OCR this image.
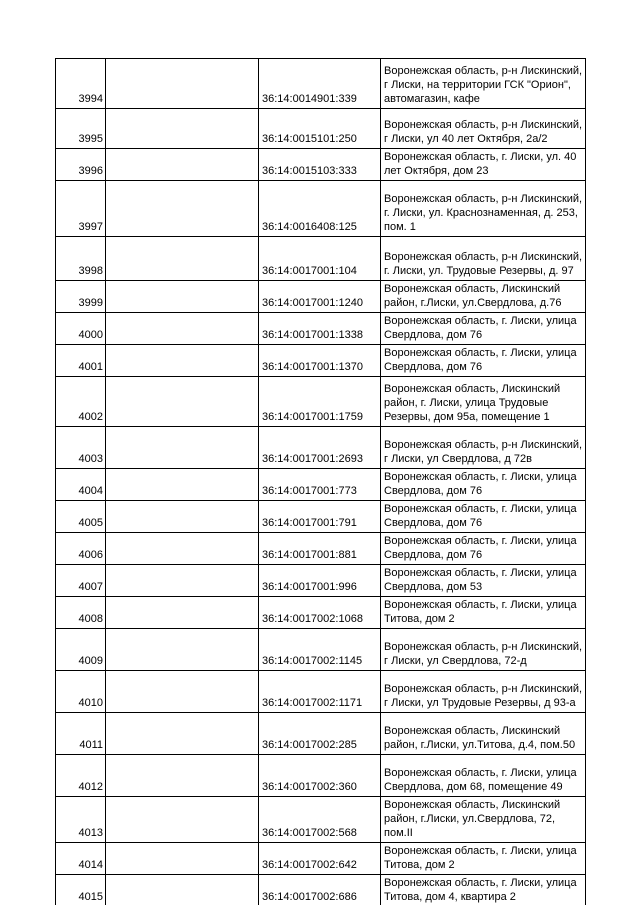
3994		36:14:0014901:339	Воронежская область, р-н Лискинский, г Лиски, на территории ГСК "Орион", автомагазин, кафе
3995		36:14:0015101:250	Воронежская область, р-н Лискинский, г Лиски, ул 40 лет Октября, 2а/2
3996		36:14:0015103:333	Воронежская область, г. Лиски, ул. 40 лет Октября, дом 23
3997		36:14:0016408:125	Воронежская область, р-н Лискинский, г. Лиски, ул. Краснознаменная, д. 253, пом. 1
3998		36:14:0017001:104	Воронежская область, р-н Лискинский, г. Лиски, ул. Трудовые Резервы, д. 97
3999		36:14:0017001:1240	Воронежская область, Лискинский район, г.Лиски, ул.Свердлова, д.76
4000		36:14:0017001:1338	Воронежская область, г. Лиски, улица Свердлова, дом 76
4001		36:14:0017001:1370	Воронежская область, г. Лиски, улица Свердлова, дом 76
4002		36:14:0017001:1759	Воронежская область, Лискинский район, г. Лиски, улица Трудовые Резервы, дом 95а, помещение 1
4003		36:14:0017001:2693	Воронежская область, р-н Лискинский, г Лиски, ул Свердлова, д 72в
4004		36:14:0017001:773	Воронежская область, г. Лиски, улица Свердлова, дом 76
4005		36:14:0017001:791	Воронежская область, г. Лиски, улица Свердлова, дом 76
4006		36:14:0017001:881	Воронежская область, г. Лиски, улица Свердлова, дом 76
4007		36:14:0017001:996	Воронежская область, г. Лиски, улица Свердлова, дом 53
4008		36:14:0017002:1068	Воронежская область, г. Лиски, улица Титова, дом 2
4009		36:14:0017002:1145	Воронежская область, р-н Лискинский, г Лиски, ул Свердлова, 72-д
4010		36:14:0017002:1171	Воронежская область, р-н Лискинский, г Лиски, ул Трудовые Резервы, д 93-а
4011		36:14:0017002:285	Воронежская область, Лискинский район, г.Лиски, ул.Титова, д.4, пом.50
4012		36:14:0017002:360	Воронежская область, г. Лиски, улица Свердлова, дом 68, помещение 49
4013		36:14:0017002:568	Воронежская область, Лискинский район, г.Лиски, ул.Свердлова, 72, пом.II
4014		36:14:0017002:642	Воронежская область, г. Лиски, улица Титова, дом 2
4015		36:14:0017002:686	Воронежская область, г. Лиски, улица Титова, дом 4, квартира 2
